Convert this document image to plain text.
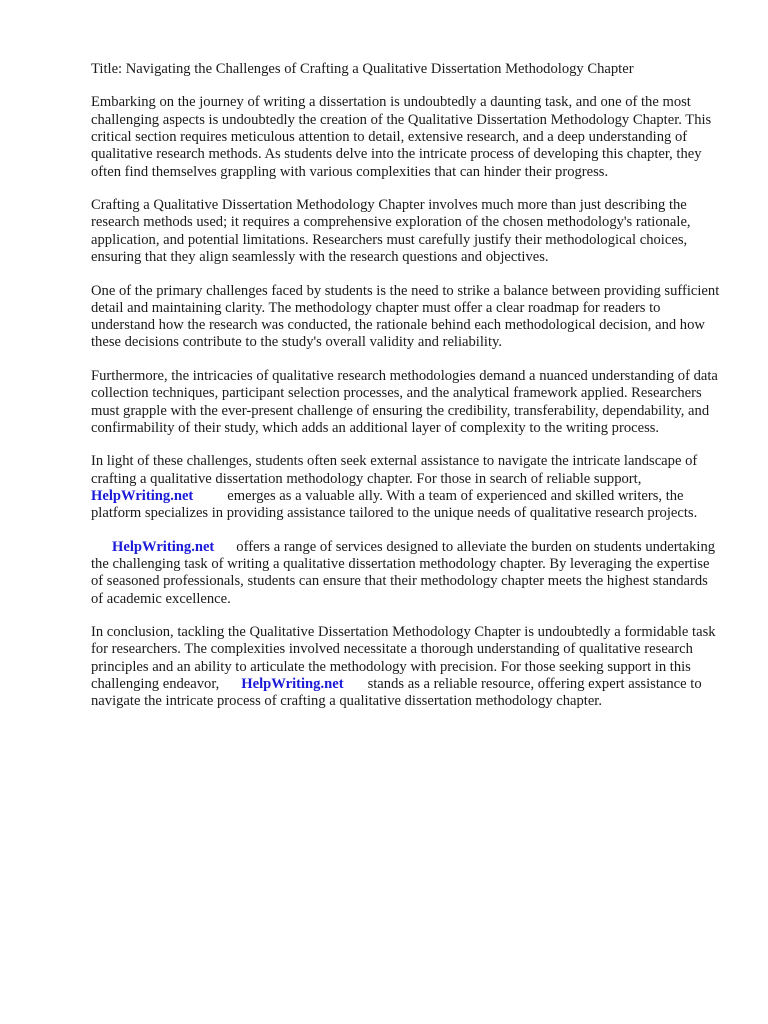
Title: Navigating the Challenges of Crafting a Qualitative Dissertation Methodology Chapter

Embarking on the journey of writing a dissertation is undoubtedly a daunting task, and one of the most challenging aspects is undoubtedly the creation of the Qualitative Dissertation Methodology Chapter. This critical section requires meticulous attention to detail, extensive research, and a deep understanding of qualitative research methods. As students delve into the intricate process of developing this chapter, they often find themselves grappling with various complexities that can hinder their progress.

Crafting a Qualitative Dissertation Methodology Chapter involves much more than just describing the research methods used; it requires a comprehensive exploration of the chosen methodology's rationale, application, and potential limitations. Researchers must carefully justify their methodological choices, ensuring that they align seamlessly with the research questions and objectives.

One of the primary challenges faced by students is the need to strike a balance between providing sufficient detail and maintaining clarity. The methodology chapter must offer a clear roadmap for readers to understand how the research was conducted, the rationale behind each methodological decision, and how these decisions contribute to the study's overall validity and reliability.

Furthermore, the intricacies of qualitative research methodologies demand a nuanced understanding of data collection techniques, participant selection processes, and the analytical framework applied. Researchers must grapple with the ever-present challenge of ensuring the credibility, transferability, dependability, and confirmability of their study, which adds an additional layer of complexity to the writing process.

In light of these challenges, students often seek external assistance to navigate the intricate landscape of crafting a qualitative dissertation methodology chapter. For those in search of reliable support,
HelpWriting.net emerges as a valuable ally. With a team of experienced and skilled writers, the platform specializes in providing assistance tailored to the unique needs of qualitative research projects.

HelpWriting.net offers a range of services designed to alleviate the burden on students undertaking the challenging task of writing a qualitative dissertation methodology chapter. By leveraging the expertise of seasoned professionals, students can ensure that their methodology chapter meets the highest standards of academic excellence.

In conclusion, tackling the Qualitative Dissertation Methodology Chapter is undoubtedly a formidable task for researchers. The complexities involved necessitate a thorough understanding of qualitative research principles and an ability to articulate the methodology with precision. For those seeking support in this challenging endeavor, HelpWriting.net stands as a reliable resource, offering expert assistance to navigate the intricate process of crafting a qualitative dissertation methodology chapter.
